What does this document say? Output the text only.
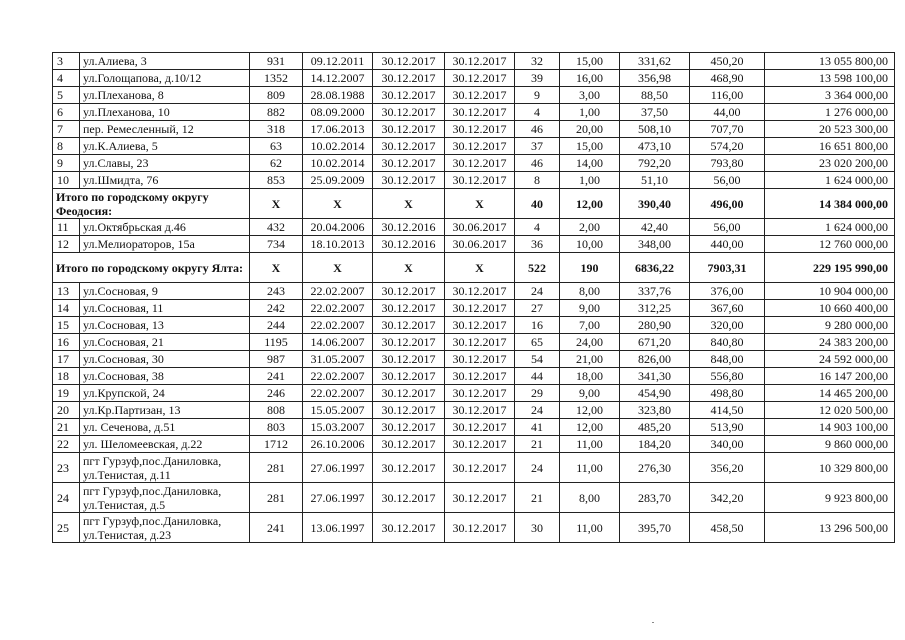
3	ул.Алиева, 3	931	09.12.2011	30.12.2017	30.12.2017	32	15,00	331,62	450,20	13 055 800,00
4	ул.Голощапова, д.10/12	1352	14.12.2007	30.12.2017	30.12.2017	39	16,00	356,98	468,90	13 598 100,00
5	ул.Плеханова, 8	809	28.08.1988	30.12.2017	30.12.2017	9	3,00	88,50	116,00	3 364 000,00
6	ул.Плеханова, 10	882	08.09.2000	30.12.2017	30.12.2017	4	1,00	37,50	44,00	1 276 000,00
7	пер. Ремесленный, 12	318	17.06.2013	30.12.2017	30.12.2017	46	20,00	508,10	707,70	20 523 300,00
8	ул.К.Алиева, 5	63	10.02.2014	30.12.2017	30.12.2017	37	15,00	473,10	574,20	16 651 800,00
9	ул.Славы, 23	62	10.02.2014	30.12.2017	30.12.2017	46	14,00	792,20	793,80	23 020 200,00
10	ул.Шмидта, 76	853	25.09.2009	30.12.2017	30.12.2017	8	1,00	51,10	56,00	1 624 000,00
Итого по городскому округу Феодосия:		Х	Х	Х	Х	40	12,00	390,40	496,00	14 384 000,00
11	ул.Октябрьская д.46	432	20.04.2006	30.12.2016	30.06.2017	4	2,00	42,40	56,00	1 624 000,00
12	ул.Мелиораторов, 15а	734	18.10.2013	30.12.2016	30.06.2017	36	10,00	348,00	440,00	12 760 000,00
Итого по городскому округу Ялта:		Х	Х	Х	Х	522	190	6836,22	7903,31	229 195 990,00
13	ул.Сосновая, 9	243	22.02.2007	30.12.2017	30.12.2017	24	8,00	337,76	376,00	10 904 000,00
14	ул.Сосновая, 11	242	22.02.2007	30.12.2017	30.12.2017	27	9,00	312,25	367,60	10 660 400,00
15	ул.Сосновая, 13	244	22.02.2007	30.12.2017	30.12.2017	16	7,00	280,90	320,00	9 280 000,00
16	ул.Сосновая, 21	1195	14.06.2007	30.12.2017	30.12.2017	65	24,00	671,20	840,80	24 383 200,00
17	ул.Сосновая, 30	987	31.05.2007	30.12.2017	30.12.2017	54	21,00	826,00	848,00	24 592 000,00
18	ул.Сосновая, 38	241	22.02.2007	30.12.2017	30.12.2017	44	18,00	341,30	556,80	16 147 200,00
19	ул.Крупской, 24	246	22.02.2007	30.12.2017	30.12.2017	29	9,00	454,90	498,80	14 465 200,00
20	ул.Кр.Партизан, 13	808	15.05.2007	30.12.2017	30.12.2017	24	12,00	323,80	414,50	12 020 500,00
21	ул. Сеченова, д.51	803	15.03.2007	30.12.2017	30.12.2017	41	12,00	485,20	513,90	14 903 100,00
22	ул. Шеломеевская, д.22	1712	26.10.2006	30.12.2017	30.12.2017	21	11,00	184,20	340,00	9 860 000,00
23	пгт Гурзуф,пос.Даниловка, ул.Тенистая, д.11	281	27.06.1997	30.12.2017	30.12.2017	24	11,00	276,30	356,20	10 329 800,00
24	пгт Гурзуф,пос.Даниловка, ул.Тенистая, д.5	281	27.06.1997	30.12.2017	30.12.2017	21	8,00	283,70	342,20	9 923 800,00
25	пгт Гурзуф,пос.Даниловка, ул.Тенистая, д.23	241	13.06.1997	30.12.2017	30.12.2017	30	11,00	395,70	458,50	13 296 500,00
